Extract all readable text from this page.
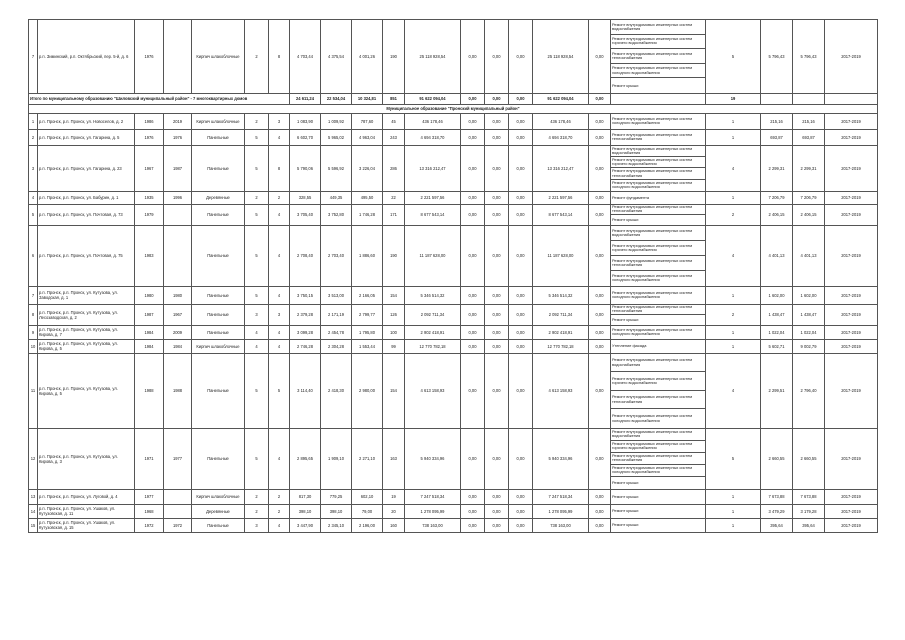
7	р.п. Зиминский, р.п. Октябрьский, пер. 5-й, д. 6	1976		Кирпич шлакоблочные	2	8	4 703,44	4 375,54	4 001,26	190	25 118 928,54	0,00	0,00	0,00	25 118 928,54	0,00	Ремонт внутридомовых инженерных систем водоснабжения
Ремонт внутридомовых инженерных систем горячего водоснабжения
Ремонт внутридомовых инженерных систем теплоснабжения
Ремонт внутридомовых инженерных систем холодного водоснабжения
Ремонт крыши	5	5 796,43	5 796,43	2017-2019
Итого по муниципальному образованию "Шиловский муниципальный район" - 7 многоквартирных домов							24 611,24	22 534,04	10 324,81	851	91 622 094,04	0,00	0,00	0,00	91 622 094,04	0,00		19			
Муниципальное образование "Пронский муниципальный район"																					
1	р.п. Пронск, р.п. Пронск, ул. Новоселов, д. 2	1986	2019	Кирпич шлакоблочные	2	3	1 083,90	1 009,92	787,60	45	436 178,46	0,00	0,00	0,00	436 178,46	0,00	Ремонт внутридомовых инженерных систем холодного водоснабжения	1	215,16	215,16	2017-2019
2	р.п. Пронск, р.п. Пронск, ул. Гагарина, д. 5	1976	1976	Панельные	5	4	6 602,70	5 965,02	4 963,04	243	4 694 318,70	0,00	0,00	0,00	4 694 318,70	0,00	Ремонт внутридомовых инженерных систем теплоснабжения	1	693,87	693,87	2017-2019
3	р.п. Пронск, р.п. Пронск, ул. Гагарина, д. 23	1967	1987	Панельные	5	8	5 790,06	5 596,92	3 226,04	286	13 316 212,47	0,00	0,00	0,00	13 316 212,47	0,00	Ремонт внутридомовых инженерных систем водоснабжения
Ремонт внутридомовых инженерных систем горячего водоснабжения
Ремонт внутридомовых инженерных систем теплоснабжения
Ремонт внутридомовых инженерных систем холодного водоснабжения	4	2 299,31	2 299,31	2017-2019
4	р.п. Пронск, р.п. Пронск, ул. Бабурин, д. 1	1935	1996	Деревянные	2	2	328,55	449,35	495,50	22	2 221 597,56	0,00	0,00	0,00	2 221 597,56	0,00	Ремонт фундамента	1	7 206,79	7 206,79	2017-2019
5	р.п. Пронск, р.п. Пронск, ул. Почтовая, д. 73	1979		Панельные	5	4	3 705,40	3 752,80	1 746,28	171	8 677 543,14	0,00	0,00	0,00	8 677 543,14	0,00	Ремонт внутридомовых инженерных систем теплоснабжения
Ремонт крыши	2	2 406,15	2 406,15	2017-2019
6	р.п. Пронск, р.п. Пронск, ул. Почтовая, д. 75	1983		Панельные	5	4	2 708,40	2 703,40	1 886,60	190	11 187 628,00	0,00	0,00	0,00	11 187 628,00	0,00	Ремонт внутридомовых инженерных систем водоснабжения
Ремонт внутридомовых инженерных систем горячего водоснабжения
Ремонт внутридомовых инженерных систем теплоснабжения
Ремонт внутридомовых инженерных систем холодного водоснабжения	4	4 401,13	4 401,13	2017-2019
7	р.п. Пронск, р.п. Пронск, ул. Кутузова, ул. Заводская, д. 1	1980	1980	Панельные	5	4	3 750,15	3 513,00	2 166,05	154	5 346 514,32	0,00	0,00	0,00	5 346 514,32	0,00	Ремонт внутридомовых инженерных систем холодного водоснабжения	1	1 602,00	1 602,00	2017-2019
8	р.п. Пронск, р.п. Пронск, ул. Кутузова, ул. Лесозаводская, д. 2	1987	1967	Панельные	3	3	2 379,28	2 171,19	2 799,77	126	2 092 711,34	0,00	0,00	0,00	2 092 711,34	0,00	Ремонт внутридомовых инженерных систем теплоснабжения
Ремонт крыши	2	1 438,47	1 438,47	2017-2019
9	р.п. Пронск, р.п. Пронск, ул. Кутузова, ул. Кирова, д. 7	1984	2009	Панельные	4	4	3 099,28	2 454,78	1 795,80	100	2 902 418,91	0,00	0,00	0,00	2 902 418,91	0,00	Ремонт внутридомовых инженерных систем холодного водоснабжения	1	1 022,04	1 022,04	2017-2019
10	р.п. Пронск, р.п. Пронск, ул. Кутузова, ул. Кирова, д. 5	1984	1984	Кирпич шлакоблочные	4	4	2 746,28	2 304,28	1 553,44	99	12 770 782,18	0,00	0,00	0,00	12 770 782,18	0,00	Утепление фасада	1	5 602,71	9 002,79	2017-2019
11	р.п. Пронск, р.п. Пронск, ул. Кутузова, ул. Кирова, д. 5	1988	1988	Панельные	5	5	3 114,40	2 418,30	2 980,00	154	4 613 158,93	0,00	0,00	0,00	4 613 158,93	0,00	Ремонт внутридомовых инженерных систем водоснабжения
Ремонт внутридомовых инженерных систем горячего водоснабжения
Ремонт внутридомовых инженерных систем теплоснабжения
Ремонт внутридомовых инженерных систем холодного водоснабжения	4	2 299,51	2 796,40	2017-2019
12	р.п. Пронск, р.п. Пронск, ул. Кутузова, ул. Кирова, д. 3	1971	1977	Панельные	5	4	2 895,65	1 909,10	2 271,10	163	5 940 334,96	0,00	0,00	0,00	5 940 334,96	0,00	Ремонт внутридомовых инженерных систем водоснабжения
Ремонт внутридомовых инженерных систем горячего водоснабжения
Ремонт внутридомовых инженерных систем теплоснабжения
Ремонт внутридомовых инженерных систем холодного водоснабжения
Ремонт крыши	5	2 660,55	2 660,55	2017-2019
13	р.п. Пронск, р.п. Пронск, ул. Луговой, д. 4	1977		Кирпич шлакоблочные	2	2	817,30	779,25	602,10	19	7 247 518,34	0,00	0,00	0,00	7 247 518,34	0,00	Ремонт крыши	1	7 673,88	7 673,88	2017-2019
14	р.п. Пронск, р.п. Пронск, ул. Ушаков, ул. Кутузовская, д. 11	1968		Деревянные	2	2	398,10	398,10	79,00	20	1 278 095,99	0,00	0,00	0,00	1 278 095,99	0,00	Ремонт крыши	1	3 479,29	3 179,28	2017-2019
15	р.п. Пронск, р.п. Пронск, ул. Ушаков, ул. Кутузовская, д. 15	1972	1972	Панельные	3	4	3 447,90	2 345,10	2 196,00	160	738 163,00	0,00	0,00	0,00	738 163,00	0,00	Ремонт крыши	1	395,64	395,64	2017-2019
